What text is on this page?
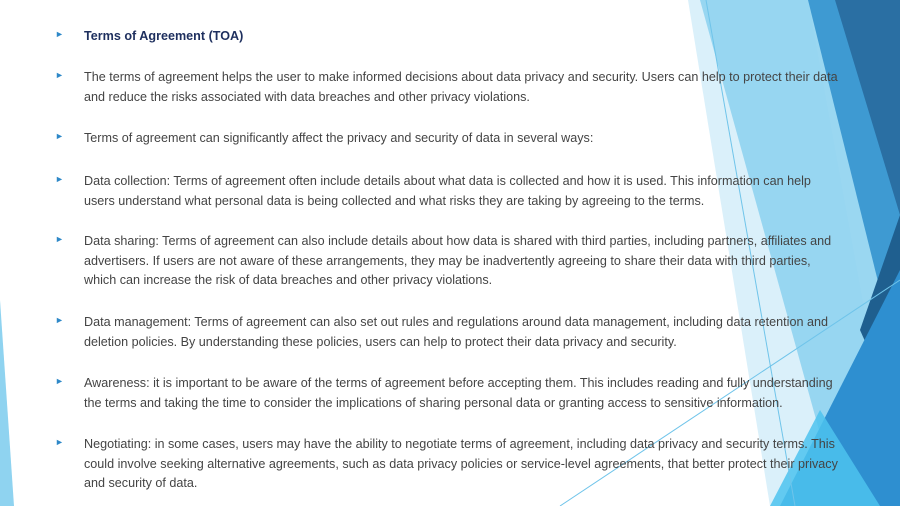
► Terms of Agreement (TOA)
► The terms of agreement helps the user to make informed decisions about data privacy and security. Users can help to protect their data and reduce the risks associated with data breaches and other privacy violations.
► Terms of agreement can significantly affect the privacy and security of data in several ways:
► Data collection: Terms of agreement often include details about what data is collected and how it is used. This information can help users understand what personal data is being collected and what risks they are taking by agreeing to the terms.
► Data sharing: Terms of agreement can also include details about how data is shared with third parties, including partners, affiliates and advertisers. If users are not aware of these arrangements, they may be inadvertently agreeing to share their data with third parties, which can increase the risk of data breaches and other privacy violations.
► Data management: Terms of agreement can also set out rules and regulations around data management, including data retention and deletion policies. By understanding these policies, users can help to protect their data privacy and security.
► Awareness: it is important to be aware of the terms of agreement before accepting them. This includes reading and fully understanding the terms and taking the time to consider the implications of sharing personal data or granting access to sensitive information.
► Negotiating: in some cases, users may have the ability to negotiate terms of agreement, including data privacy and security terms. This could involve seeking alternative agreements, such as data privacy policies or service-level agreements, that better protect their privacy and security of data.
